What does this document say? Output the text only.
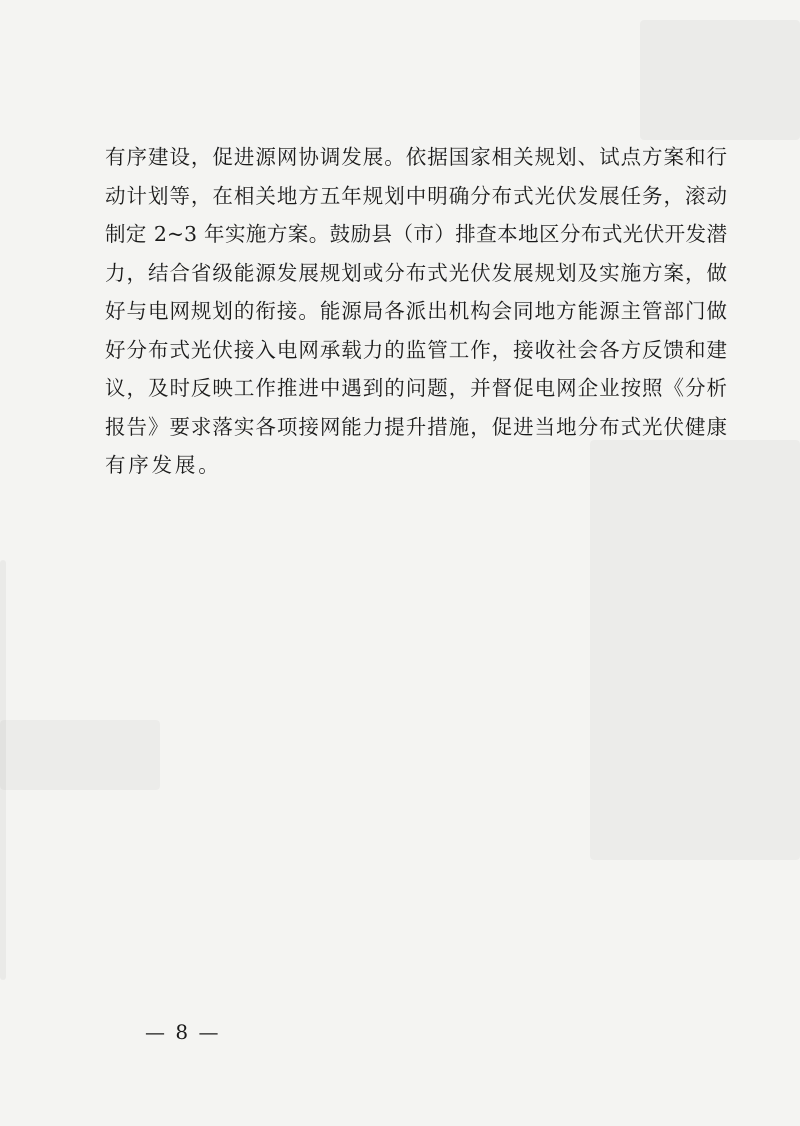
有序建设，促进源网协调发展。依据国家相关规划、试点方案和行
动计划等，在相关地方五年规划中明确分布式光伏发展任务，滚动
制定 2~3 年实施方案。鼓励县（市）排查本地区分布式光伏开发潜
力，结合省级能源发展规划或分布式光伏发展规划及实施方案，做
好与电网规划的衔接。能源局各派出机构会同地方能源主管部门做
好分布式光伏接入电网承载力的监管工作，接收社会各方反馈和建
议，及时反映工作推进中遇到的问题，并督促电网企业按照《分析
报告》要求落实各项接网能力提升措施，促进当地分布式光伏健康
有序发展。

— 8 —
